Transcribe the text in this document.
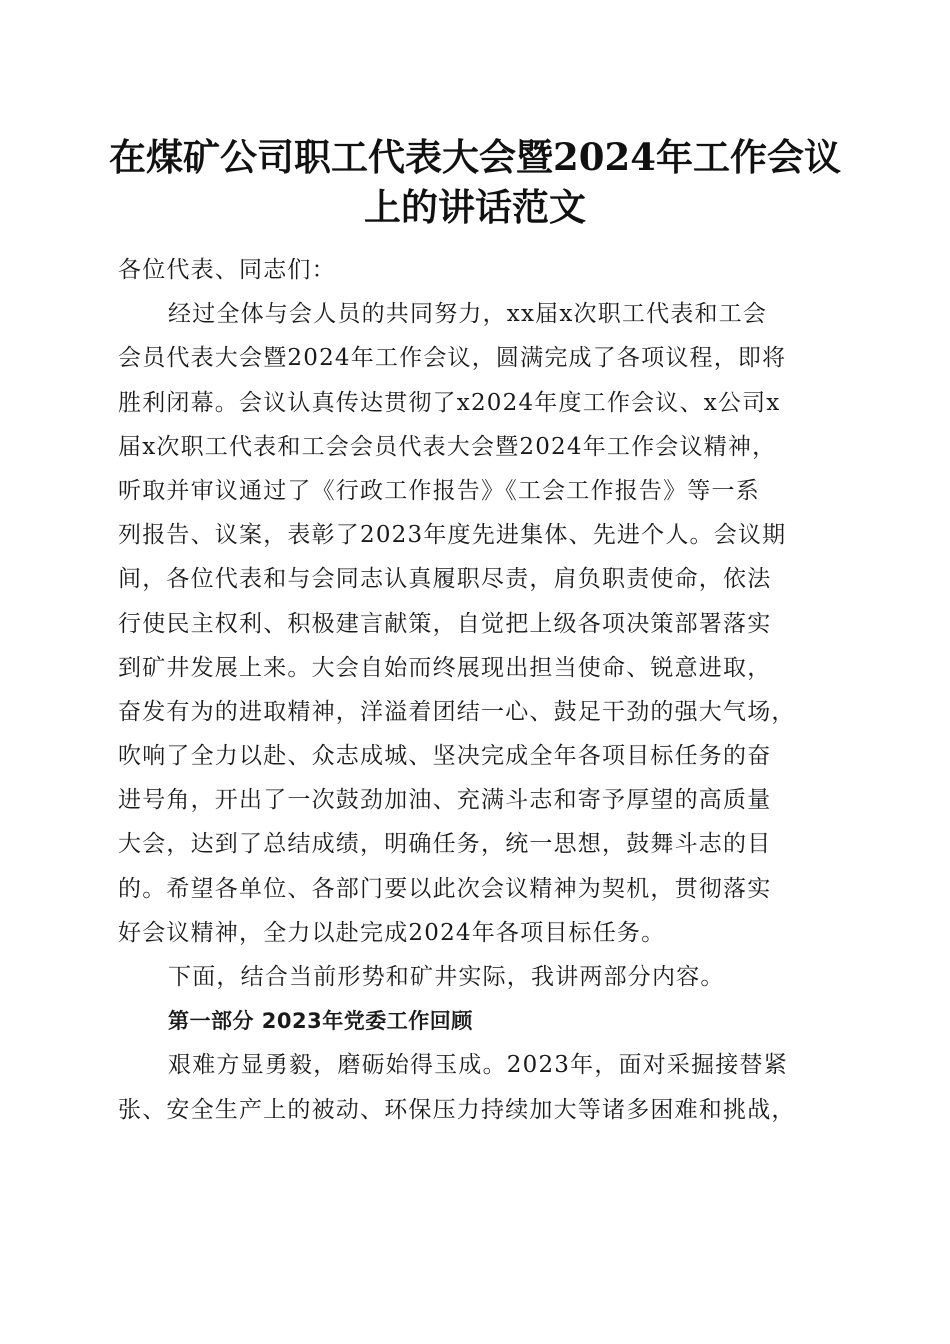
在煤矿公司职工代表大会暨2024年工作会议
上的讲话范文
各位代表、同志们：
经过全体与会人员的共同努力，xx届x次职工代表和工会
会员代表大会暨2024年工作会议，圆满完成了各项议程，即将
胜利闭幕。会议认真传达贯彻了x2024年度工作会议、x公司x
届x次职工代表和工会会员代表大会暨2024年工作会议精神，
听取并审议通过了《行政工作报告》《工会工作报告》等一系
列报告、议案，表彰了2023年度先进集体、先进个人。会议期
间，各位代表和与会同志认真履职尽责，肩负职责使命，依法
行使民主权利、积极建言献策，自觉把上级各项决策部署落实
到矿井发展上来。大会自始而终展现出担当使命、锐意进取，
奋发有为的进取精神，洋溢着团结一心、鼓足干劲的强大气场，
吹响了全力以赴、众志成城、坚决完成全年各项目标任务的奋
进号角，开出了一次鼓劲加油、充满斗志和寄予厚望的高质量
大会，达到了总结成绩，明确任务，统一思想，鼓舞斗志的目
的。希望各单位、各部门要以此次会议精神为契机，贯彻落实
好会议精神，全力以赴完成2024年各项目标任务。
下面，结合当前形势和矿井实际，我讲两部分内容。
第一部分 2023年党委工作回顾
艰难方显勇毅，磨砺始得玉成。2023年，面对采掘接替紧
张、安全生产上的被动、环保压力持续加大等诸多困难和挑战，
